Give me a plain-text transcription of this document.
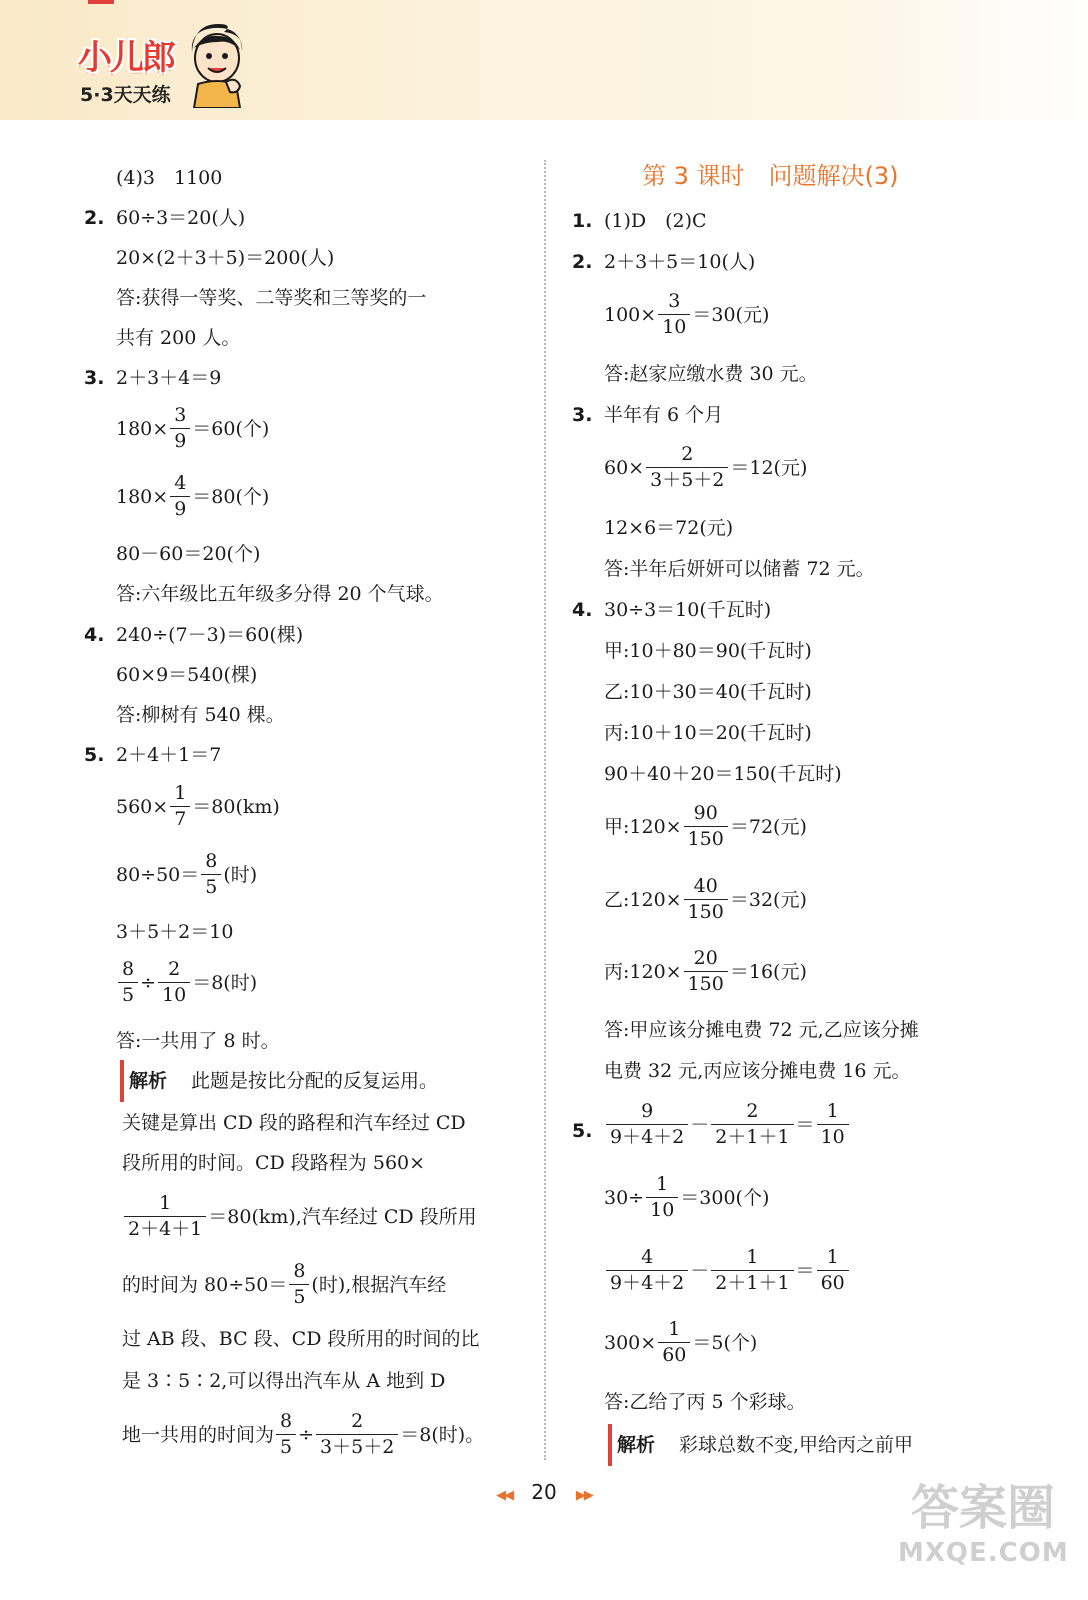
小儿郎
5·3天天练
(4)3　1100
2. 60÷3＝20(人)
20×(2＋3＋5)＝200(人)
答:获得一等奖、二等奖和三等奖的一
共有 200 人。
3. 2＋3＋4＝9
$180\times \frac{3}{9} =60$(个)
$180\times \frac{4}{9} =80$(个)
80－60＝20(个)
答:六年级比五年级多分得 20 个气球。
4. 240÷(7－3)＝60(棵)
60×9＝540(棵)
答:柳树有 540 棵。
5. 2＋4＋1＝7
$560\times \frac{1}{7} =80(km)$
$80\div 50= \frac{8}{5}$ (时)
3＋5＋2＝10
$\frac{8}{5} \div \frac{2}{10} =8$(时)
答:一共用了 8 时。
解析 此题是按比分配的反复运用。
关键是算出 CD 段的路程和汽车经过 CD
段所用的时间。CD 段路程为 560×
$\frac{1}{2+4+1} =80(km)$,汽车经过 CD 段所用
的时间为 $80\div 50= \frac{8}{5}$ (时),根据汽车经
过 AB 段、BC 段、CD 段所用的时间的比
是 3∶5∶2,可以得出汽车从 A 地到 D
地一共用的时间为 $\frac{8}{5} \div \frac{2}{3+5+2} =8$(时)。
第 3 课时　问题解决(3)
1. (1)D　(2)C
2. 2＋3＋5＝10(人)
$100\times \frac{3}{10} =30$(元)
答:赵家应缴水费 30 元。
3. 半年有 6 个月
$60\times \frac{2}{3+5+2} =12$(元)
12×6＝72(元)
答:半年后妍妍可以储蓄 72 元。
4. 30÷3＝10(千瓦时)
甲:10＋80＝90(千瓦时)
乙:10＋30＝40(千瓦时)
丙:10＋10＝20(千瓦时)
90＋40＋20＝150(千瓦时)
甲:120× $\frac{90}{150} =72$(元)
乙:120× $\frac{40}{150} =32$(元)
丙:120× $\frac{20}{150} =16$(元)
答:甲应该分摊电费 72 元,乙应该分摊
电费 32 元,丙应该分摊电费 16 元。
5. $\frac{9}{9+4+2} - \frac{2}{2+1+1} = \frac{1}{10}$
$30\div \frac{1}{10} =300$(个)
$\frac{4}{9+4+2} - \frac{1}{2+1+1} = \frac{1}{60}$
$300\times \frac{1}{60} =5$(个)
答:乙给了丙 5 个彩球。
解析 彩球总数不变,甲给丙之前甲
◀◀ 20 ▶▶	答案圈
MXQE.COM
